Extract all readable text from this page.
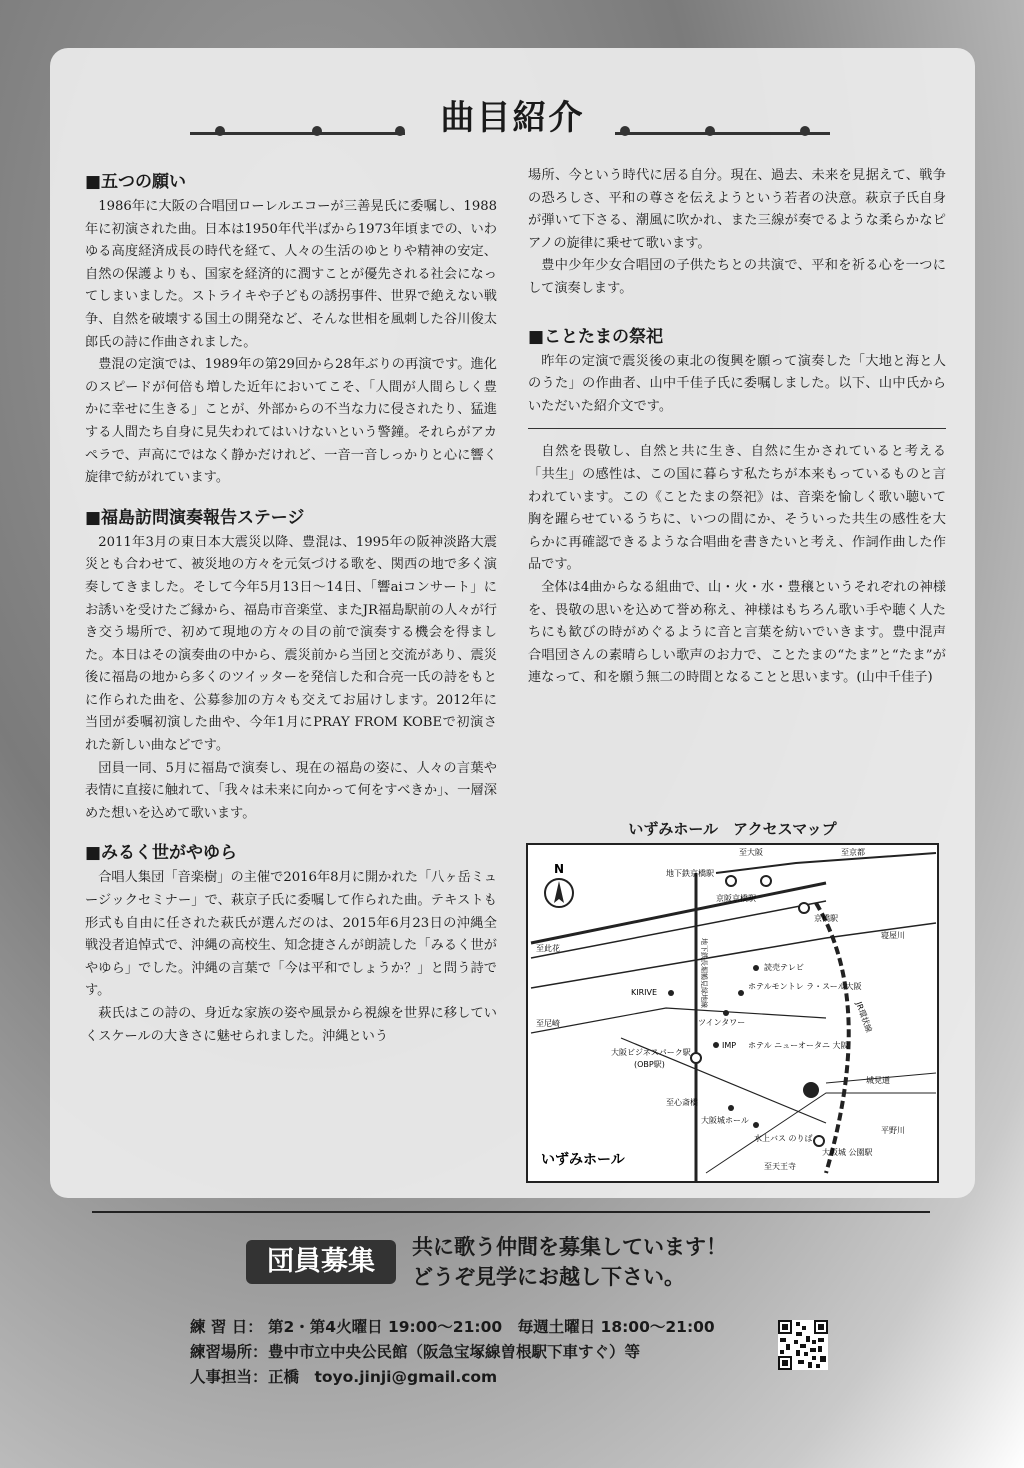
曲目紹介
■五つの願い

1986年に大阪の合唱団ローレルエコーが三善晃氏に委嘱し、1988年に初演された曲。日本は1950年代半ばから1973年頃までの、いわゆる高度経済成長の時代を経て、人々の生活のゆとりや精神の安定、自然の保護よりも、国家を経済的に潤すことが優先される社会になってしまいました。ストライキや子どもの誘拐事件、世界で絶えない戦争、自然を破壊する国土の開発など、そんな世相を風刺した谷川俊太郎氏の詩に作曲されました。

豊混の定演では、1989年の第29回から28年ぶりの再演です。進化のスピードが何倍も増した近年においてこそ、「人間が人間らしく豊かに幸せに生きる」ことが、外部からの不当な力に侵されたり、猛進する人間たち自身に見失われてはいけないという警鐘。それらがアカペラで、声高にではなく静かだけれど、一音一音しっかりと心に響く旋律で紡がれています。

■福島訪問演奏報告ステージ

2011年3月の東日本大震災以降、豊混は、1995年の阪神淡路大震災とも合わせて、被災地の方々を元気づける歌を、関西の地で多く演奏してきました。そして今年5月13日～14日、「響aiコンサート」にお誘いを受けたご縁から、福島市音楽堂、またJR福島駅前の人々が行き交う場所で、初めて現地の方々の目の前で演奏する機会を得ました。本日はその演奏曲の中から、震災前から当団と交流があり、震災後に福島の地から多くのツイッターを発信した和合亮一氏の詩をもとに作られた曲を、公募参加の方々も交えてお届けします。2012年に当団が委嘱初演した曲や、今年1月にPRAY FROM KOBEで初演された新しい曲などです。

団員一同、5月に福島で演奏し、現在の福島の姿に、人々の言葉や表情に直接に触れて、「我々は未来に向かって何をすべきか」、一層深めた想いを込めて歌います。

■みるく世がやゆら

合唱人集団「音楽樹」の主催で2016年8月に開かれた「八ヶ岳ミュージックセミナー」で、萩京子氏に委嘱して作られた曲。テキストも形式も自由に任された萩氏が選んだのは、2015年6月23日の沖縄全戦没者追悼式で、沖縄の高校生、知念捷さんが朗読した「みるく世がやゆら」でした。沖縄の言葉で「今は平和でしょうか？」と問う詩です。

萩氏はこの詩の、身近な家族の姿や風景から視線を世界に移していくスケールの大きさに魅せられました。沖縄という

場所、今という時代に居る自分。現在、過去、未来を見据えて、戦争の恐ろしさ、平和の尊さを伝えようという若者の決意。萩京子氏自身が弾いて下さる、潮風に吹かれ、また三線が奏でるような柔らかなピアノの旋律に乗せて歌います。

豊中少年少女合唱団の子供たちとの共演で、平和を祈る心を一つにして演奏します。

■ことたまの祭祀

昨年の定演で震災後の東北の復興を願って演奏した「大地と海と人のうた」の作曲者、山中千佳子氏に委嘱しました。以下、山中氏からいただいた紹介文です。

自然を畏敬し、自然と共に生き、自然に生かされていると考える「共生」の感性は、この国に暮らす私たちが本来もっているものと言われています。この《ことたまの祭祀》は、音楽を愉しく歌い聴いて胸を躍らせているうちに、いつの間にか、そういった共生の感性を大らかに再確認できるような合唱曲を書きたいと考え、作詞作曲した作品です。

全体は4曲からなる組曲で、山・火・水・豊穣というそれぞれの神様を、畏敬の思いを込めて誉め称え、神様はもちろん歌い手や聴く人たちにも歓びの時がめぐるように音と言葉を紡いでいきます。豊中混声合唱団さんの素晴らしい歌声のお力で、ことたまの“たま”と“たま”が連なって、和を願う無二の時間となることと思います。(山中千佳子)

いずみホール　アクセスマップ
N
至大阪	至京都
地下鉄京橋駅
京阪京橋駅
京橋駅
至此花
寝屋川
至尼崎
KIRIVE
読売テレビ
ホテルモントレ ラ・スール大阪
ツインタワー
大阪ビジネスパーク駅
(OBP駅)
IMP ホテル ニューオータニ 大阪
城見通
至心斎橋
大阪城ホール
水上バス のりば
大阪城 公園駅
至天王寺
平野川
いずみホール
JR環状線
地下鉄長堀鶴見緑地線
団員募集	共に歌う仲間を募集しています！
どうぞ見学にお越し下さい。
練 習 日： 第2・第4火曜日 19:00～21:00　毎週土曜日 18:00～21:00
練習場所：豊中市立中央公民館（阪急宝塚線曽根駅下車すぐ）等
人事担当：正橋　toyo.jinji@gmail.com
